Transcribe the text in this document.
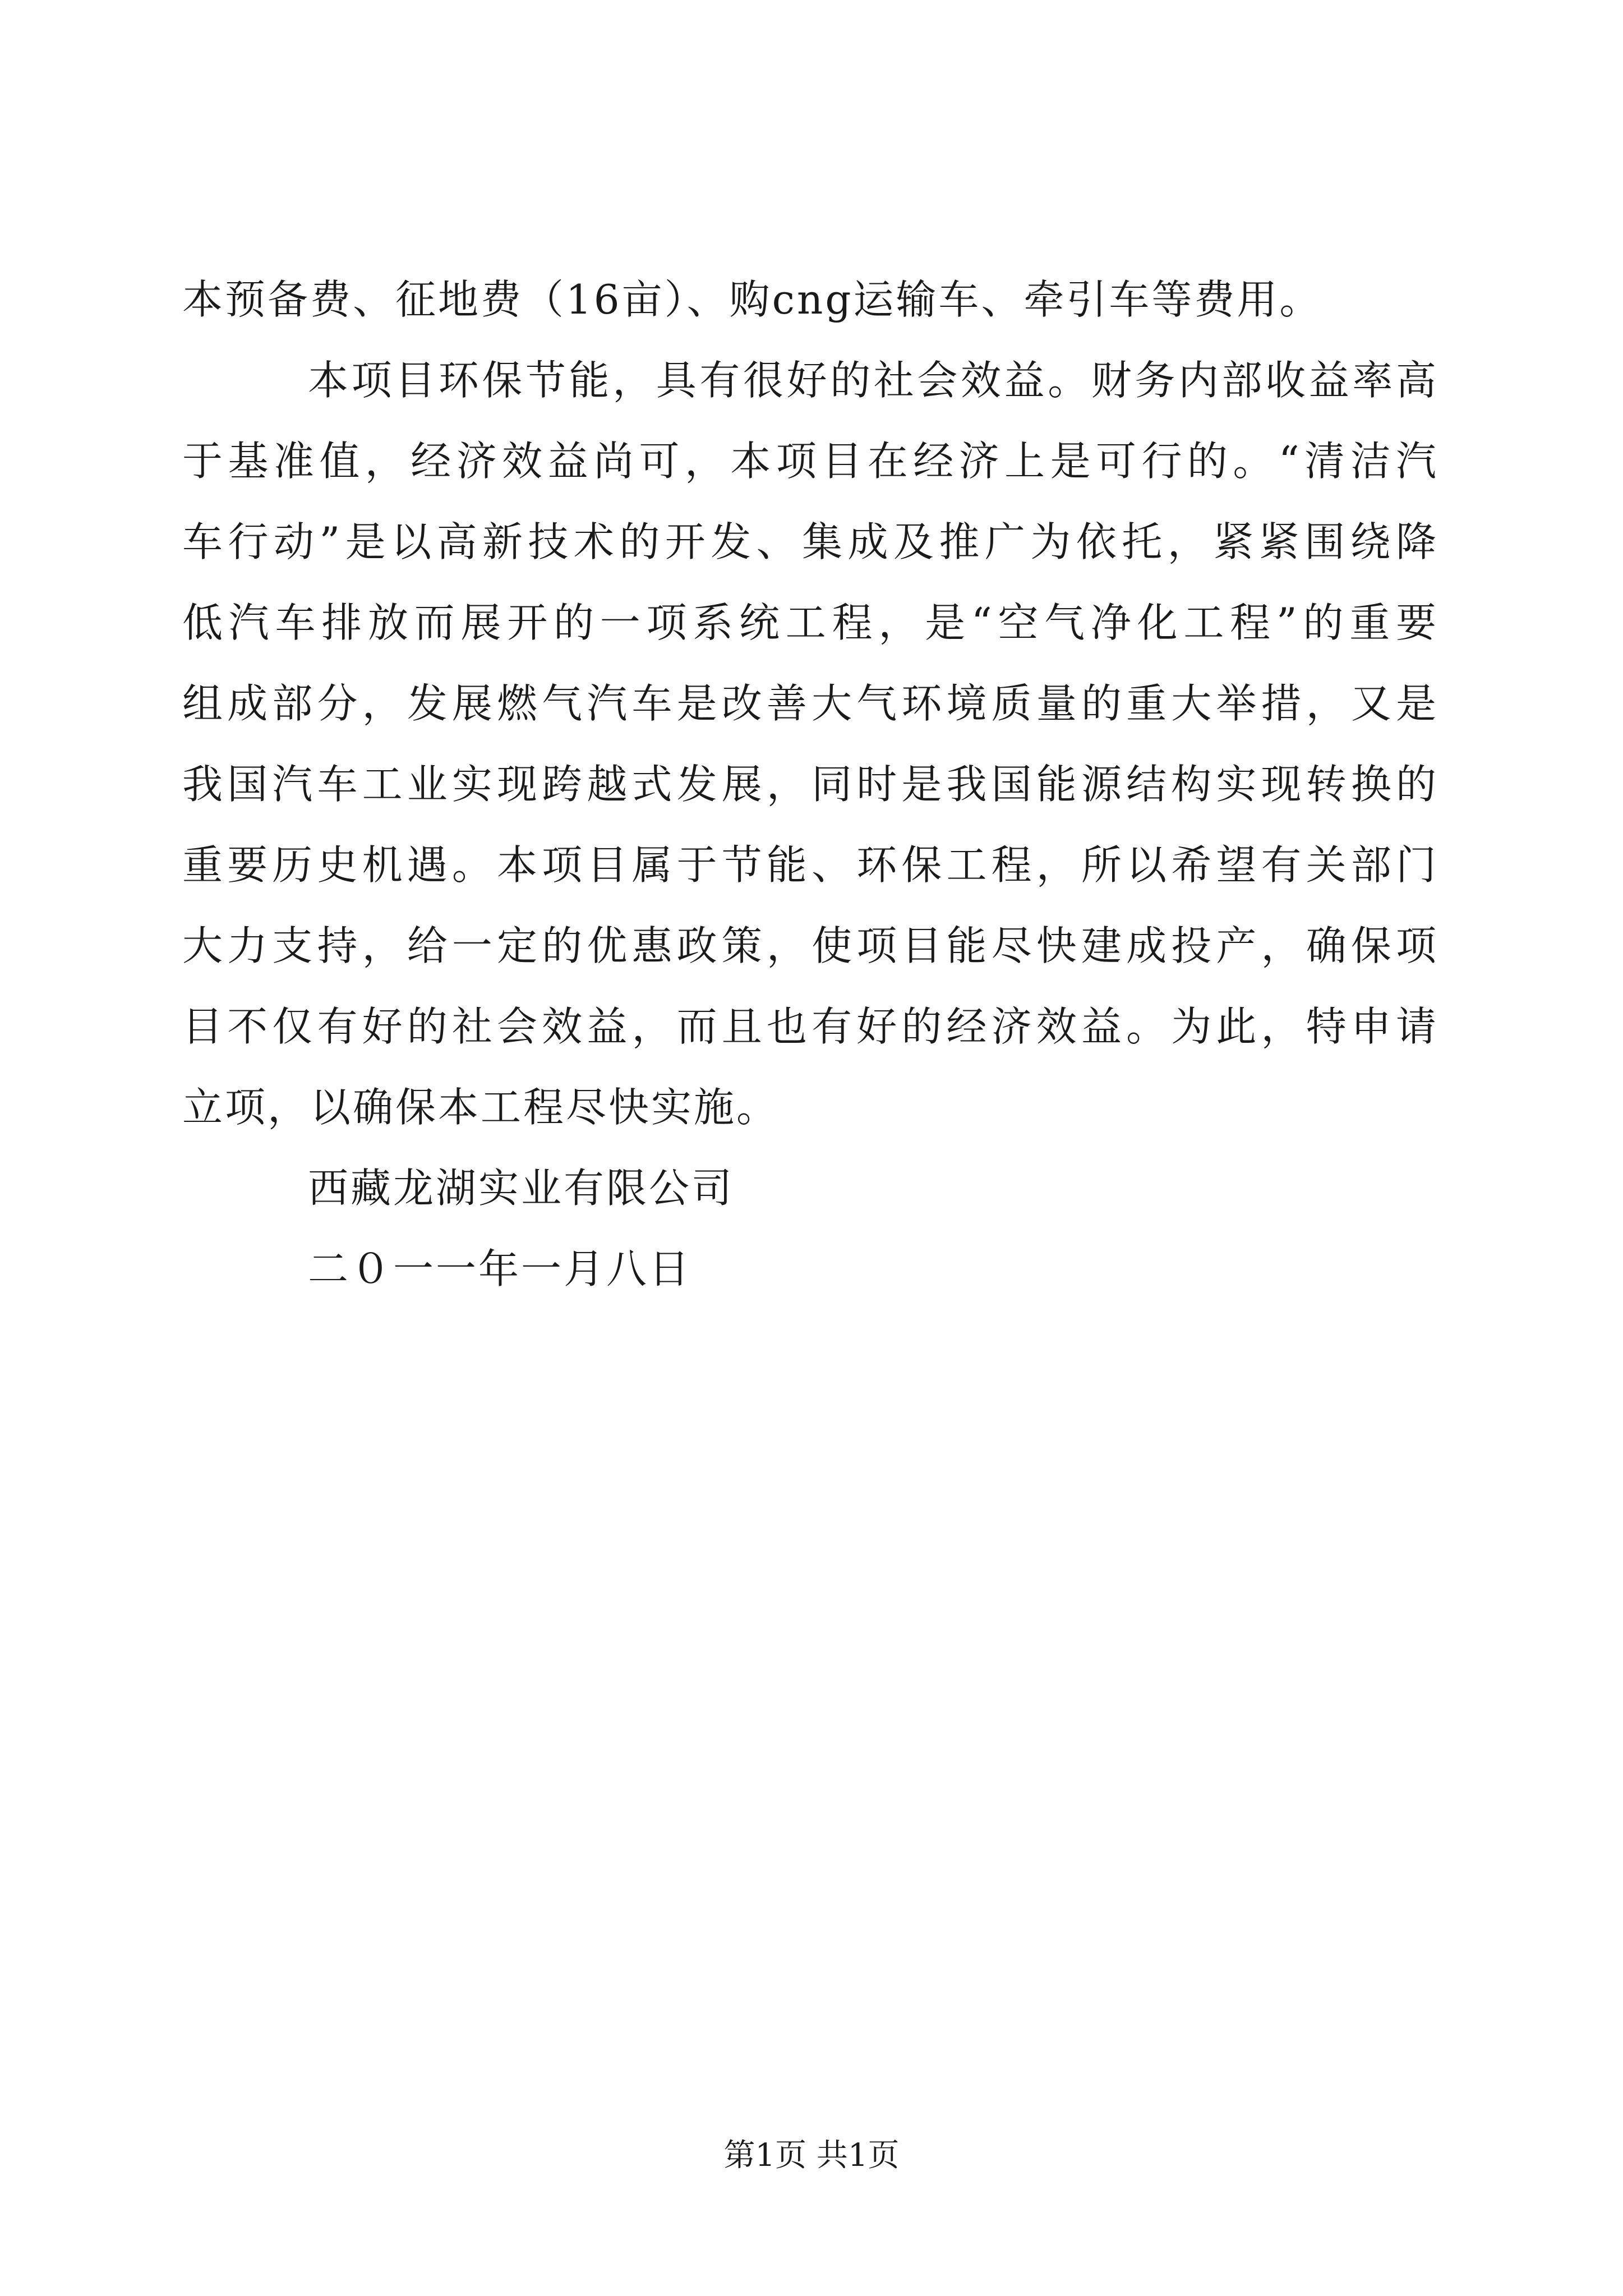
本预备费、征地费（16亩）、购cng运输车、牵引车等费用。
本项目环保节能，具有很好的社会效益。财务内部收益率高
于基准值，经济效益尚可，本项目在经济上是可行的。“清洁汽
车行动”是以高新技术的开发、集成及推广为依托，紧紧围绕降
低汽车排放而展开的一项系统工程，是“空气净化工程”的重要
组成部分，发展燃气汽车是改善大气环境质量的重大举措，又是
我国汽车工业实现跨越式发展，同时是我国能源结构实现转换的
重要历史机遇。本项目属于节能、环保工程，所以希望有关部门
大力支持，给一定的优惠政策，使项目能尽快建成投产，确保项
目不仅有好的社会效益，而且也有好的经济效益。为此，特申请
立项，以确保本工程尽快实施。
西藏龙湖实业有限公司
二０一一年一月八日
第1页 共1页
